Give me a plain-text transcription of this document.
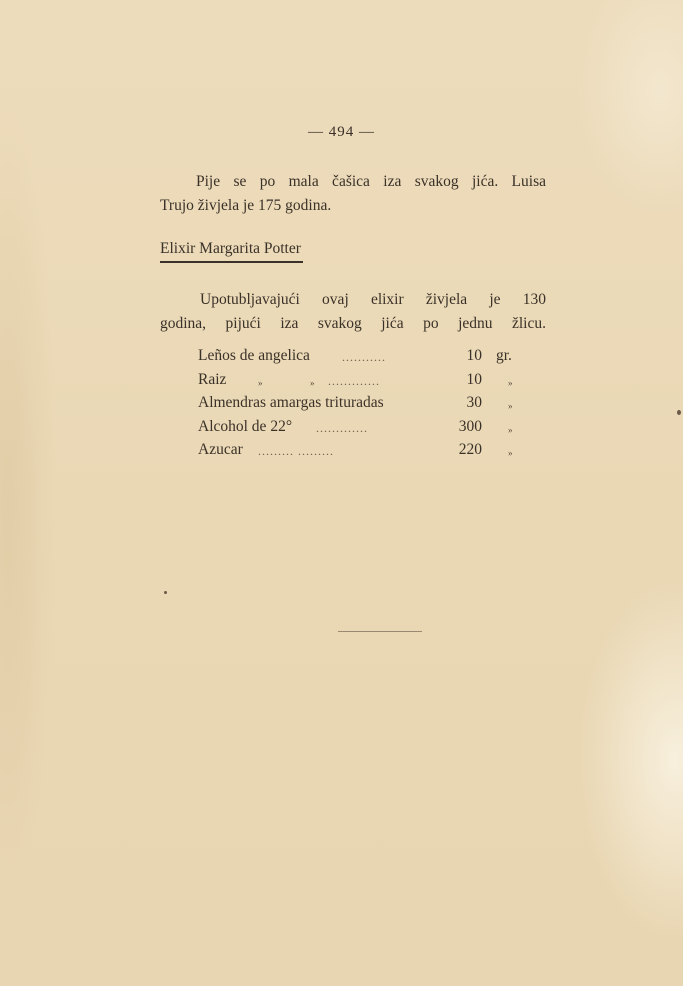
— 494 —
Pije se po mala čašica iza svakog jića. Luisa
Trujo živjela je 175 godina.
Elixir Margarita Potter
Upotubljavajući ovaj elixir živjela je 130
godina, pijući iza svakog jića po jednu žlicu.
Leños de angelica	...........	10 gr.
Raiz	»	» .............	10	»
Almendras amargas trituradas	30	»
Alcohol de 22° .............	300	»
Azucar ......... .........	220	»
